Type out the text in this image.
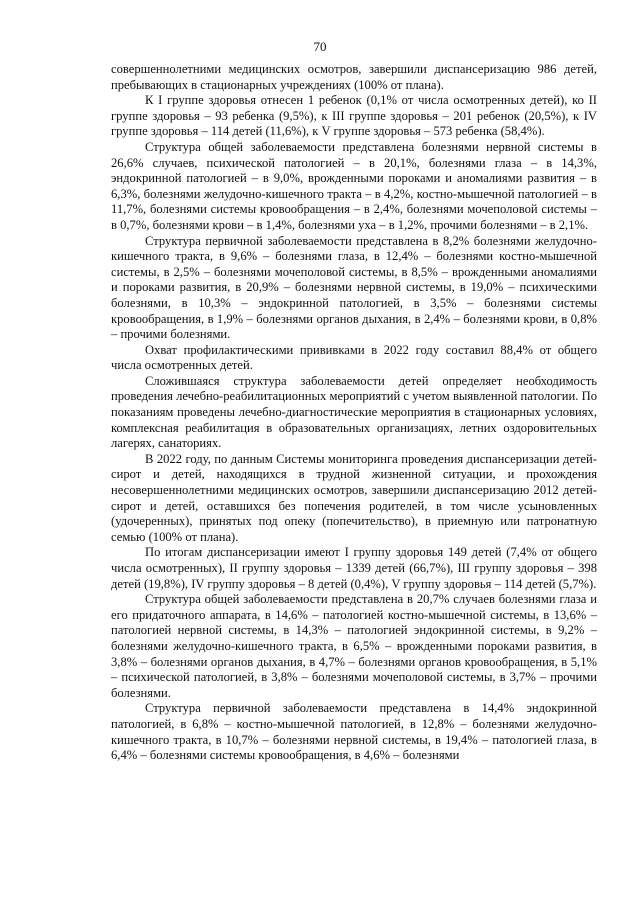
70

совершеннолетними медицинских осмотров, завершили диспансеризацию 986 детей, пребывающих в стационарных учреждениях (100% от плана).

К I группе здоровья отнесен 1 ребенок (0,1% от числа осмотренных детей), ко II группе здоровья – 93 ребенка (9,5%), к III группе здоровья – 201 ребенок (20,5%), к IV группе здоровья – 114 детей (11,6%), к V группе здоровья – 573 ребенка (58,4%).

Структура общей заболеваемости представлена болезнями нервной системы в 26,6% случаев, психической патологией – в 20,1%, болезнями глаза – в 14,3%, эндокринной патологией – в 9,0%, врожденными пороками и аномалиями развития – в 6,3%, болезнями желудочно-кишечного тракта – в 4,2%, костно-мышечной патологией – в 11,7%, болезнями системы кровообращения – в 2,4%, болезнями мочеполовой системы – в 0,7%, болезнями крови – в 1,4%, болезнями уха – в 1,2%, прочими болезнями – в 2,1%.

Структура первичной заболеваемости представлена в 8,2% болезнями желудочно-кишечного тракта, в 9,6% – болезнями глаза, в 12,4% – болезнями костно-мышечной системы, в 2,5% – болезнями мочеполовой системы, в 8,5% – врожденными аномалиями и пороками развития, в 20,9% – болезнями нервной системы, в 19,0% – психическими болезнями, в 10,3% – эндокринной патологией, в 3,5% – болезнями системы кровообращения, в 1,9% – болезнями органов дыхания, в 2,4% – болезнями крови, в 0,8% – прочими болезнями.

Охват профилактическими прививками в 2022 году составил 88,4% от общего числа осмотренных детей.

Сложившаяся структура заболеваемости детей определяет необходимость проведения лечебно-реабилитационных мероприятий с учетом выявленной патологии. По показаниям проведены лечебно-диагностические мероприятия в стационарных условиях, комплексная реабилитация в образовательных организациях, летних оздоровительных лагерях, санаториях.

В 2022 году, по данным Системы мониторинга проведения диспансеризации детей-сирот и детей, находящихся в трудной жизненной ситуации, и прохождения несовершеннолетними медицинских осмотров, завершили диспансеризацию 2012 детей-сирот и детей, оставшихся без попечения родителей, в том числе усыновленных (удочеренных), принятых под опеку (попечительство), в приемную или патронатную семью (100% от плана).

По итогам диспансеризации имеют I группу здоровья 149 детей (7,4% от общего числа осмотренных), II группу здоровья – 1339 детей (66,7%), III группу здоровья – 398 детей (19,8%), IV группу здоровья – 8 детей (0,4%), V группу здоровья – 114 детей (5,7%).

Структура общей заболеваемости представлена в 20,7% случаев болезнями глаза и его придаточного аппарата, в 14,6% – патологией костно-мышечной системы, в 13,6% – патологией нервной системы, в 14,3% – патологией эндокринной системы, в 9,2% – болезнями желудочно-кишечного тракта, в 6,5% – врожденными пороками развития, в 3,8% – болезнями органов дыхания, в 4,7% – болезнями органов кровообращения, в 5,1% – психической патологией, в 3,8% – болезнями мочеполовой системы, в 3,7% – прочими болезнями.

Структура первичной заболеваемости представлена в 14,4% эндокринной патологией, в 6,8% – костно-мышечной патологией, в 12,8% – болезнями желудочно-кишечного тракта, в 10,7% – болезнями нервной системы, в 19,4% – патологией глаза, в 6,4% – болезнями системы кровообращения, в 4,6% – болезнями
